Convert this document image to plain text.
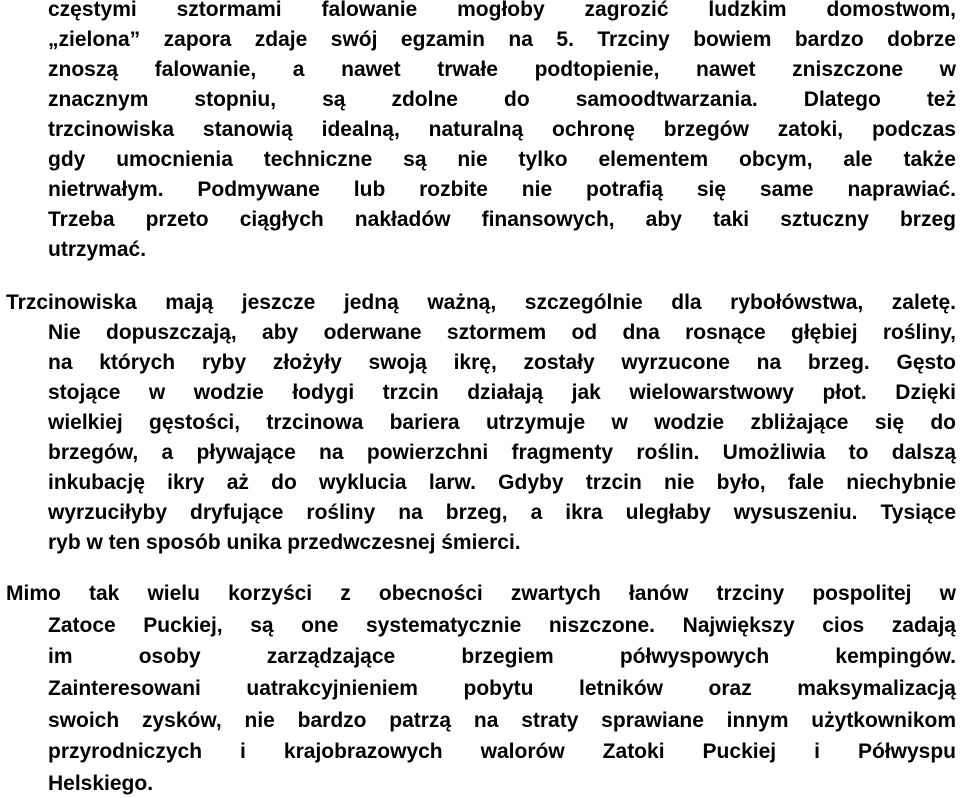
częstymi sztormami falowanie mogłoby zagrozić ludzkim domostwom,

„zielona” zapora zdaje swój egzamin na 5. Trzciny bowiem bardzo dobrze

znoszą falowanie, a nawet trwałe podtopienie, nawet zniszczone w

znacznym stopniu, są zdolne do samoodtwarzania. Dlatego też

trzcinowiska stanowią idealną, naturalną ochronę brzegów zatoki, podczas

gdy umocnienia techniczne są nie tylko elementem obcym, ale także

nietrwałym. Podmywane lub rozbite nie potrafią się same naprawiać.

Trzeba przeto ciągłych nakładów finansowych, aby taki sztuczny brzeg

utrzymać.

Trzcinowiska mają jeszcze jedną ważną, szczególnie dla rybołówstwa, zaletę.

Nie dopuszczają, aby oderwane sztormem od dna rosnące głębiej rośliny,

na których ryby złożyły swoją ikrę, zostały wyrzucone na brzeg. Gęsto

stojące w wodzie łodygi trzcin działają jak wielowarstwowy płot. Dzięki

wielkiej gęstości, trzcinowa bariera utrzymuje w wodzie zbliżające się do

brzegów, a pływające na powierzchni fragmenty roślin. Umożliwia to dalszą

inkubację ikry aż do wyklucia larw. Gdyby trzcin nie było, fale niechybnie

wyrzuciłyby dryfujące rośliny na brzeg, a ikra uległaby wysuszeniu. Tysiące

ryb w ten sposób unika przedwczesnej śmierci.

Mimo tak wielu korzyści z obecności zwartych łanów trzciny pospolitej w

Zatoce Puckiej, są one systematycznie niszczone. Największy cios zadają

im osoby zarządzające brzegiem półwyspowych kempingów.

Zainteresowani uatrakcyjnieniem pobytu letników oraz maksymalizacją

swoich zysków, nie bardzo patrzą na straty sprawiane innym użytkownikom

przyrodniczych i krajobrazowych walorów Zatoki Puckiej i Półwyspu

Helskiego.
